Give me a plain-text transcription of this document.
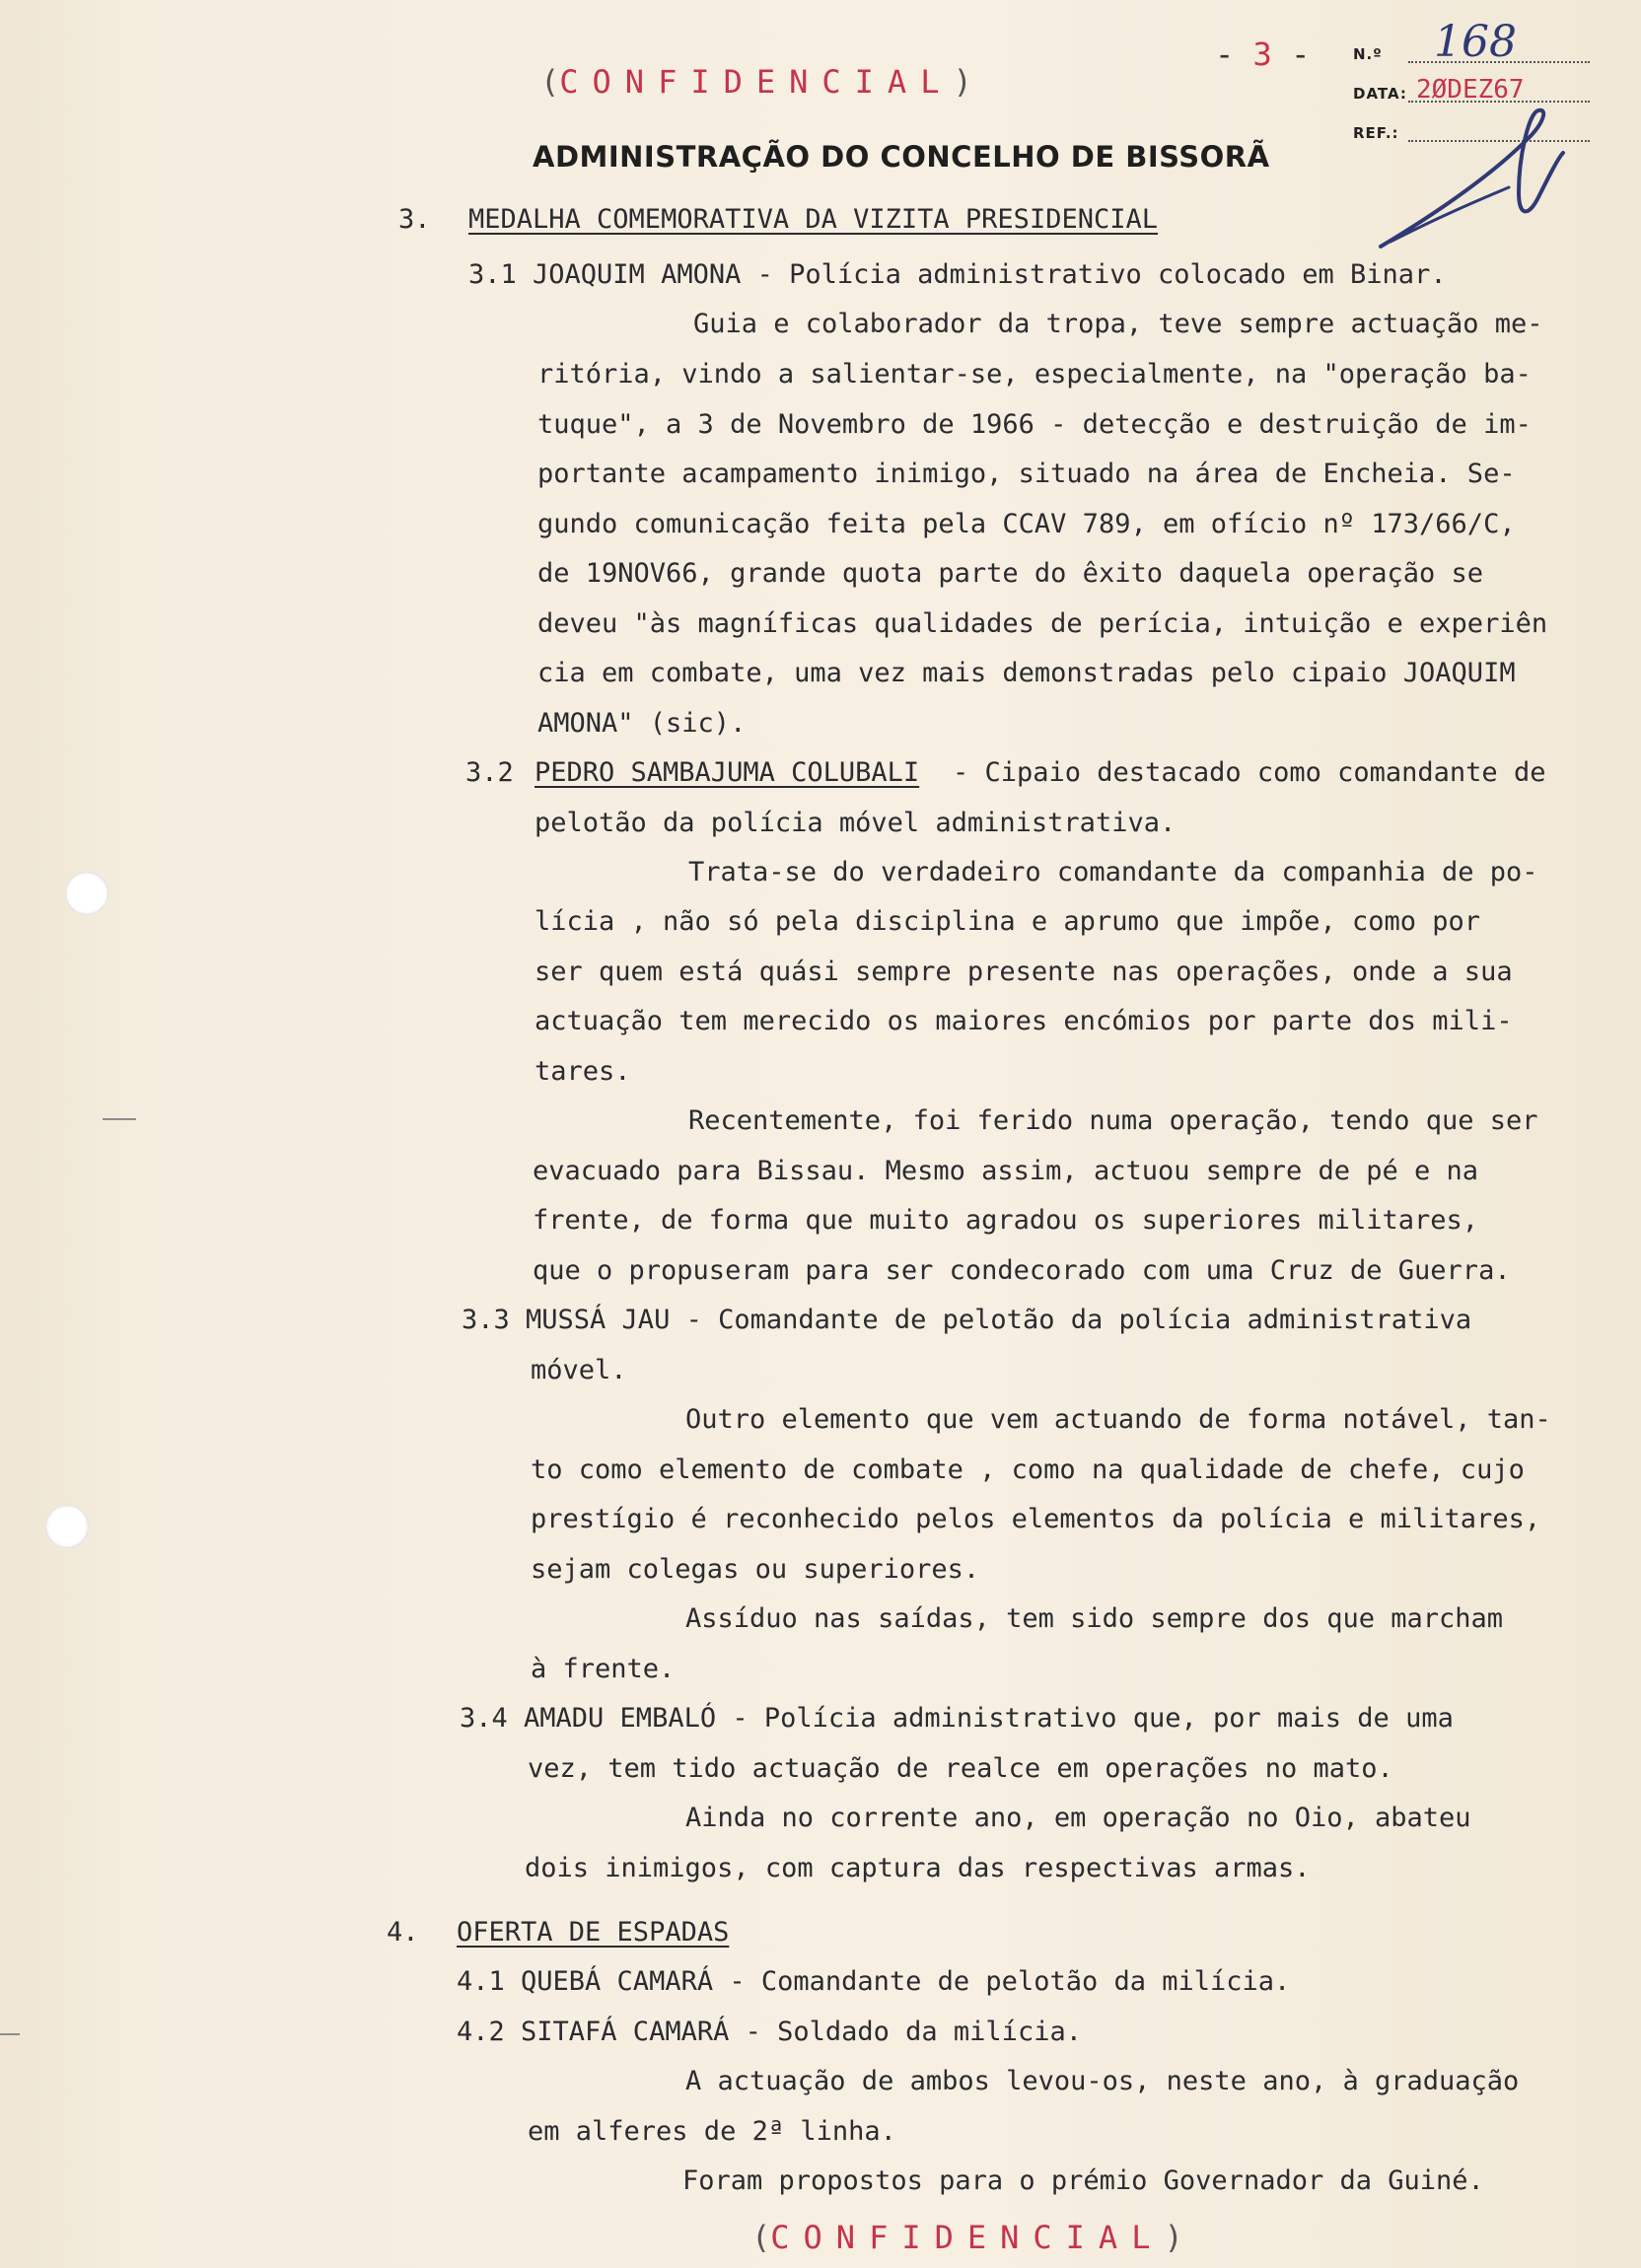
(CONFIDENCIAL)
- 3 -	N.º 168
DATA: 2ØDEZ67
REF.:
ADMINISTRAÇÃO DO CONCELHO DE BISSORÃ
3. MEDALHA COMEMORATIVA DA VIZITA PRESIDENCIAL
3.1 JOAQUIM AMONA - Polícia administrativo colocado em Binar.
Guia e colaborador da tropa, teve sempre actuação me-
ritória, vindo a salientar-se, especialmente, na "operação ba-
tuque", a 3 de Novembro de 1966 - detecção e destruição de im-
portante acampamento inimigo, situado na área de Encheia. Se-
gundo comunicação feita pela CCAV 789, em ofício nº 173/66/C,
de 19NOV66, grande quota parte do êxito daquela operação se
deveu "às magníficas qualidades de perícia, intuição e experiên
cia em combate, uma vez mais demonstradas pelo cipaio JOAQUIM
AMONA" (sic).
3.2 PEDRO SAMBAJUMA COLUBALI - Cipaio destacado como comandante de
pelotão da polícia móvel administrativa.
Trata-se do verdadeiro comandante da companhia de po-
lícia , não só pela disciplina e aprumo que impõe, como por
ser quem está quási sempre presente nas operações, onde a sua
actuação tem merecido os maiores encómios por parte dos mili-
tares.
Recentemente, foi ferido numa operação, tendo que ser
evacuado para Bissau. Mesmo assim, actuou sempre de pé e na
frente, de forma que muito agradou os superiores militares,
que o propuseram para ser condecorado com uma Cruz de Guerra.
3.3 MUSSÁ JAU - Comandante de pelotão da polícia administrativa
móvel.
Outro elemento que vem actuando de forma notável, tan-
to como elemento de combate , como na qualidade de chefe, cujo
prestígio é reconhecido pelos elementos da polícia e militares,
sejam colegas ou superiores.
Assíduo nas saídas, tem sido sempre dos que marcham
à frente.
3.4 AMADU EMBALÓ - Polícia administrativo que, por mais de uma
vez, tem tido actuação de realce em operações no mato.
Ainda no corrente ano, em operação no Oio, abateu
dois inimigos, com captura das respectivas armas.
4. OFERTA DE ESPADAS
4.1 QUEBÁ CAMARÁ - Comandante de pelotão da milícia.
4.2 SITAFÁ CAMARÁ - Soldado da milícia.
A actuação de ambos levou-os, neste ano, à graduação
em alferes de 2ª linha.
Foram propostos para o prémio Governador da Guiné.
(CONFIDENCIAL)
